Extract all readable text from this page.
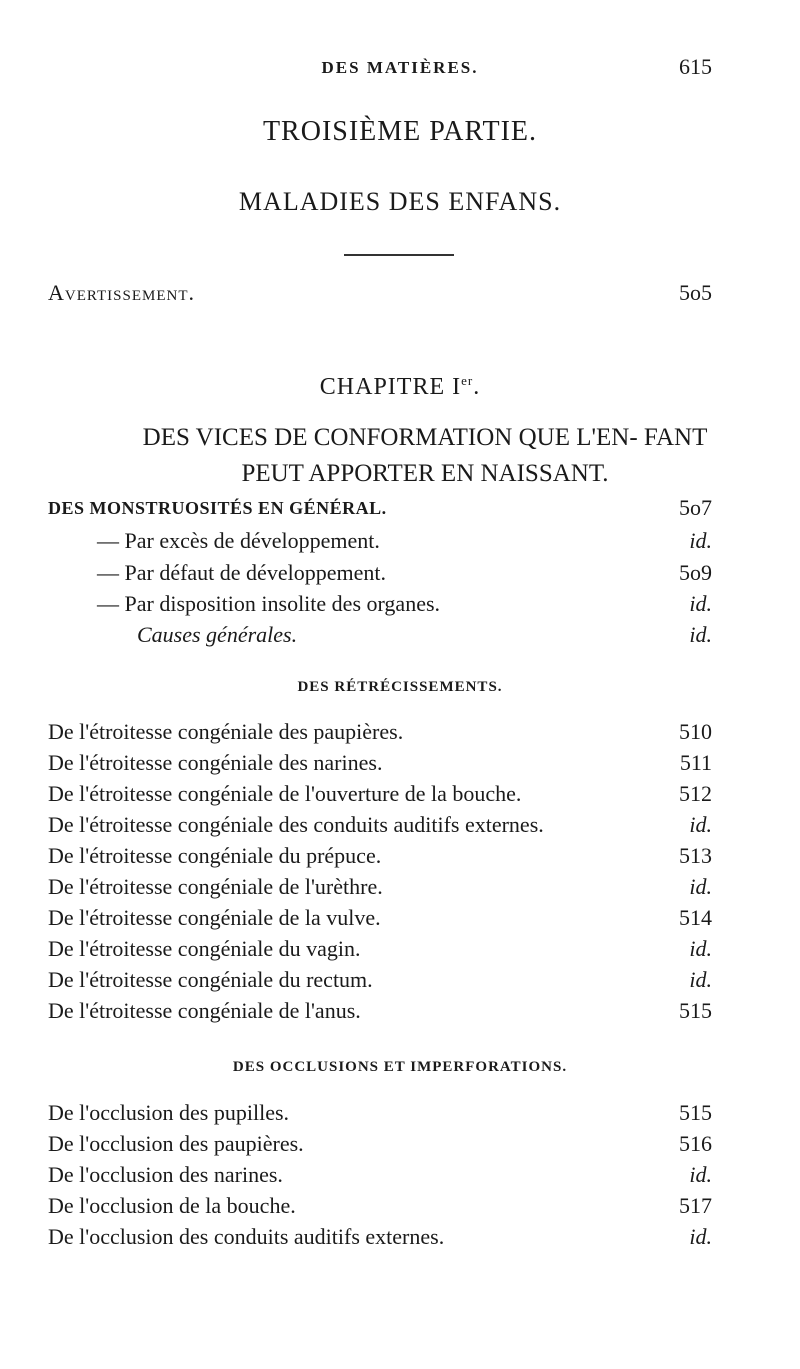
DES MATIÈRES.	615
TROISIÈME PARTIE.
MALADIES DES ENFANS.
Avertissement.	5o5
CHAPITRE Ier.
DES VICES DE CONFORMATION QUE L'EN- FANT PEUT APPORTER EN NAISSANT.
DES MONSTRUOSITÉS EN GÉNÉRAL.	5o7
— Par excès de développement.	id.
— Par défaut de développement.	5o9
— Par disposition insolite des organes.	id.
Causes générales.	id.
DES RÉTRÉCISSEMENTS.
De l'étroitesse congéniale des paupières.	510
De l'étroitesse congéniale des narines.	511
De l'étroitesse congéniale de l'ouverture de la bouche.	512
De l'étroitesse congéniale des conduits auditifs externes.	id.
De l'étroitesse congéniale du prépuce.	513
De l'étroitesse congéniale de l'urèthre.	id.
De l'étroitesse congéniale de la vulve.	514
De l'étroitesse congéniale du vagin.	id.
De l'étroitesse congéniale du rectum.	id.
De l'étroitesse congéniale de l'anus.	515
DES OCCLUSIONS ET IMPERFORATIONS.
De l'occlusion des pupilles.	515
De l'occlusion des paupières.	516
De l'occlusion des narines.	id.
De l'occlusion de la bouche.	517
De l'occlusion des conduits auditifs externes.	id.
